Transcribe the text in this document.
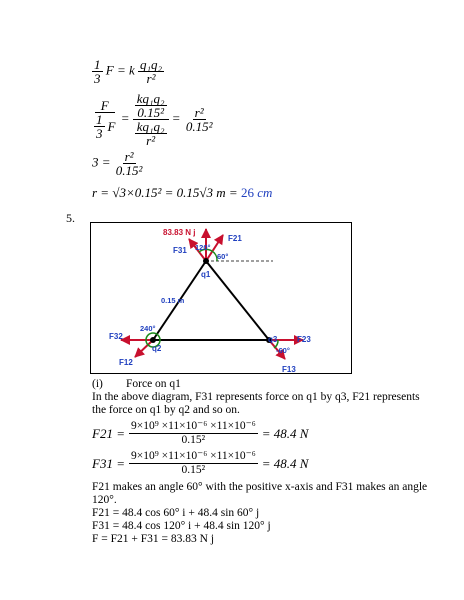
$\frac{1}{3}$ F = k $\frac{\text{q₁q₂}}{\text{r²}}$
$\frac{F}{\frac{1}{3} F} = \frac{\frac{\text{kq₁q₂}}{\text{0.15²}}}{\frac{\text{kq₁q₂}}{\text{r²}}} = \frac{\text{r²}}{\text{0.15²}}$
$3 = \frac{\text{r²}}{\text{0.15²}}$
r = √3×0.15² = 0.15√3 m = 26 cm
5.
83.83 N j
F21
F31 120°
60°
q1
0.15 m
F32
240°
q2
F12
q3 F23
-60°
F13
(i) Force on q1
In the above diagram, F31 represents force on q1 by q3, F21 represents
the force on q1 by q2 and so on.
$F21 = \frac{\text{9×10⁹ ×11×10⁻⁶ ×11×10⁻⁶}}{\text{0.15²}} = 48.4$ N
$F31 = \frac{\text{9×10⁹ ×11×10⁻⁶ ×11×10⁻⁶}}{\text{0.15²}} = 48.4$ N
F21 makes an angle 60° with the positive x-axis and F31 makes an angle
120°.
F21 = 48.4 cos 60° i + 48.4 sin 60° j
F31 = 48.4 cos 120° i + 48.4 sin 120° j
F = F21 + F31 = 83.83 N j
